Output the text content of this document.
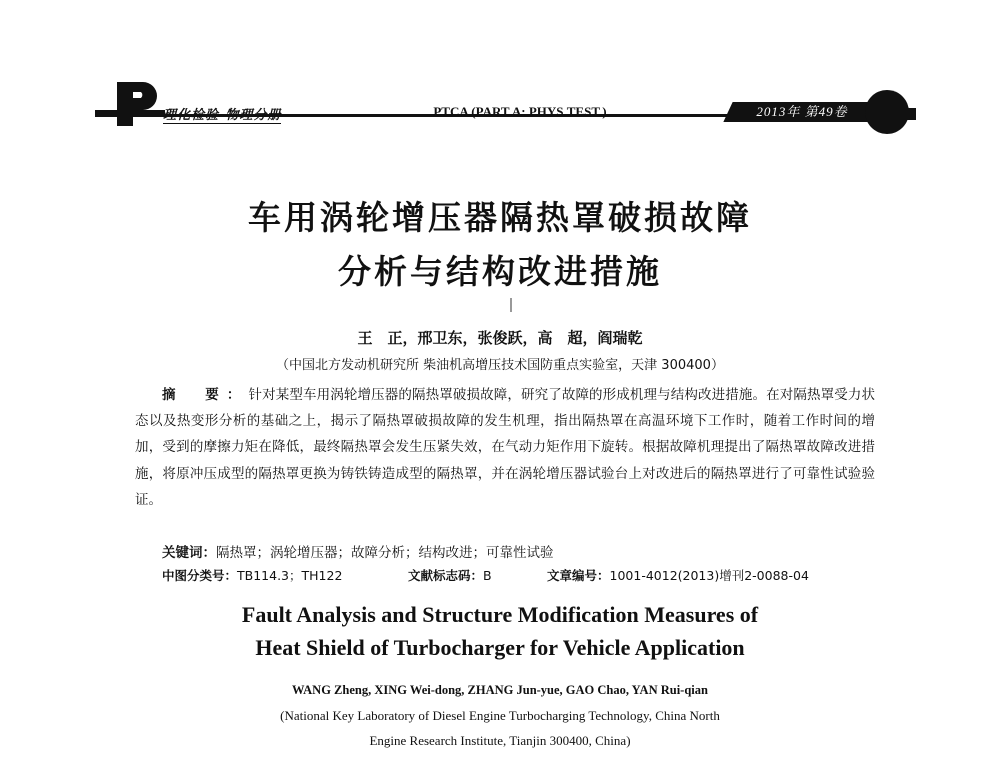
理化检验-物理分册	PTCA (PART A: PHYS.TEST.)	2013年 第49卷
车用涡轮增压器隔热罩破损故障
分析与结构改进措施
王　正，邢卫东，张俊跃，高　超，阎瑞乾
（中国北方发动机研究所 柴油机高增压技术国防重点实验室，天津 300400）

摘　要：针对某型车用涡轮增压器的隔热罩破损故障，研究了故障的形成机理与结构改进措施。在对隔热罩受力状态以及热变形分析的基础之上，揭示了隔热罩破损故障的发生机理，指出隔热罩在高温环境下工作时，随着工作时间的增加，受到的摩擦力矩在降低，最终隔热罩会发生压紧失效，在气动力矩作用下旋转。根据故障机理提出了隔热罩故障改进措施，将原冲压成型的隔热罩更换为铸铁铸造成型的隔热罩，并在涡轮增压器试验台上对改进后的隔热罩进行了可靠性试验验证。

关键词：隔热罩；涡轮增压器；故障分析；结构改进；可靠性试验
中图分类号：TB114.3；TH122	文献标志码：B	文章编号：1001-4012(2013)增刊2-0088-04
Fault Analysis and Structure Modification Measures of
Heat Shield of Turbocharger for Vehicle Application
WANG Zheng, XING Wei-dong, ZHANG Jun-yue, GAO Chao, YAN Rui-qian
(National Key Laboratory of Diesel Engine Turbocharging Technology, China North
Engine Research Institute, Tianjin 300400, China)
